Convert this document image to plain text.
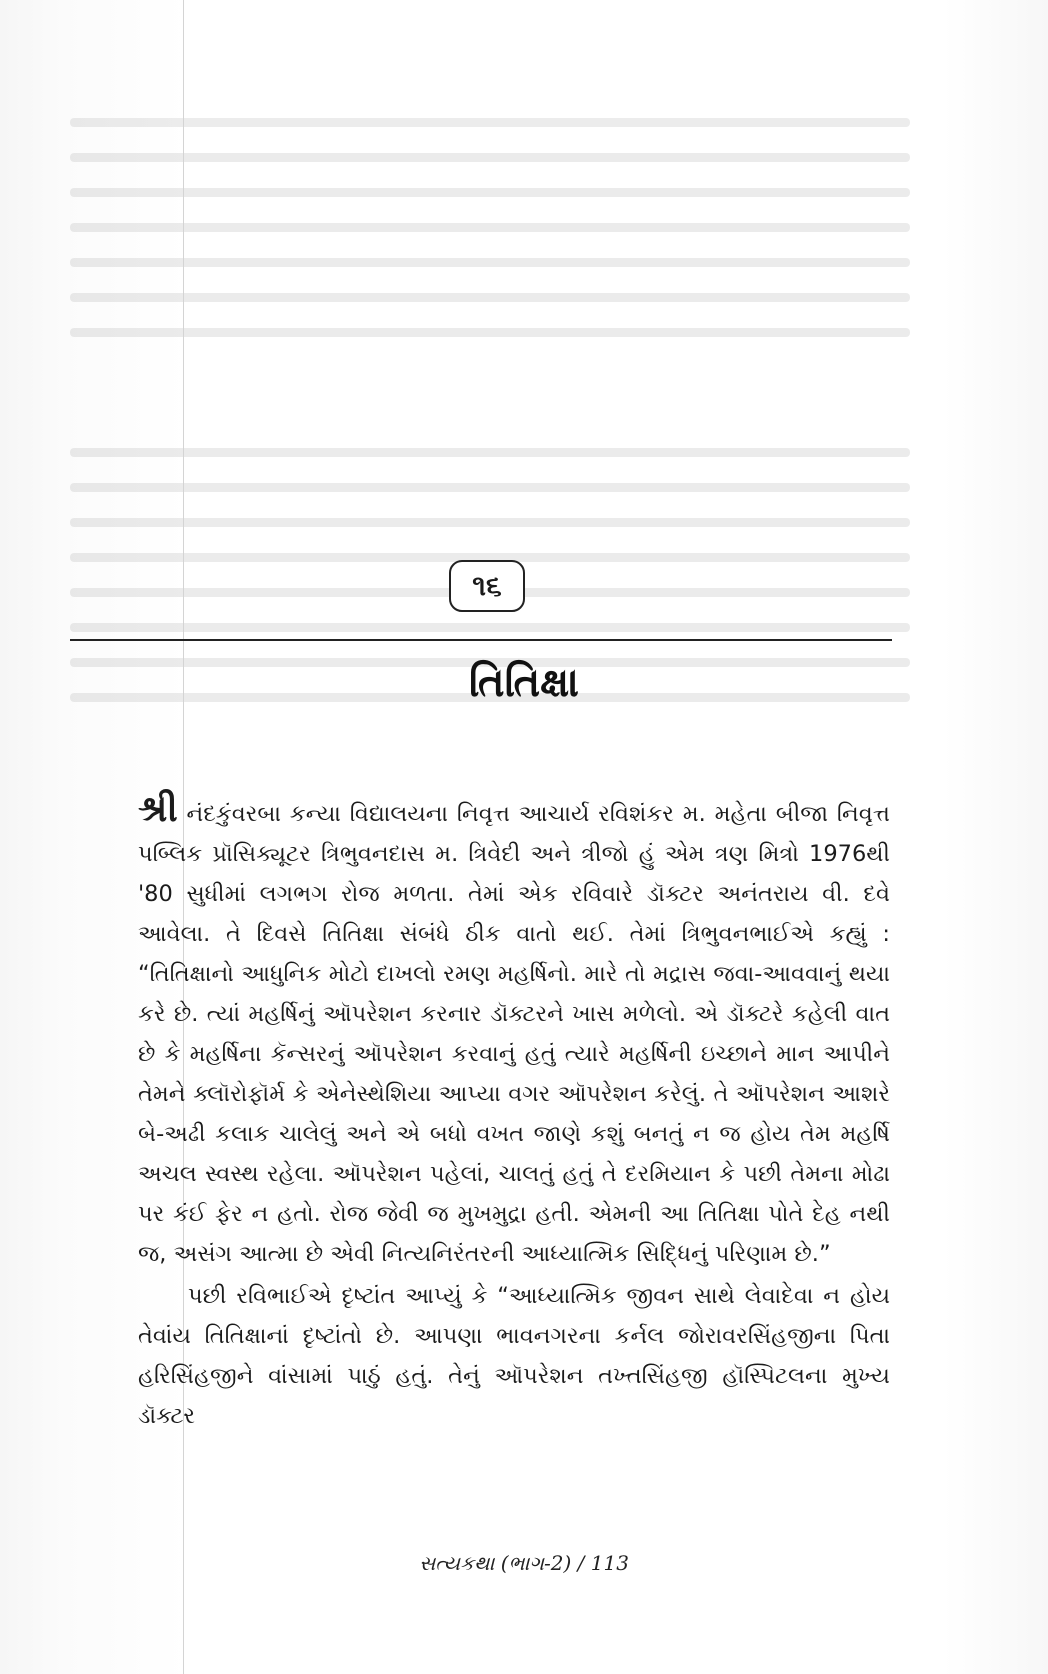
૧૬
તિતિક્ષા

શ્રી નંદકુંવરબા કન્યા વિદ્યાલયના નિવૃત્ત આચાર્ય રવિશંકર મ. મહેતા બીજા નિવૃત્ત પબ્લિક પ્રૉસિક્યૂટર ત્રિભુવનદાસ મ. ત્રિવેદી અને ત્રીજો હું એમ ત્રણ મિત્રો 1976થી '80 સુધીમાં લગભગ રોજ મળતા. તેમાં એક રવિવારે ડૉક્ટર અનંતરાય વી. દવે આવેલા. તે દિવસે તિતિક્ષા સંબંધે ઠીક વાતો થઈ. તેમાં ત્રિભુવનભાઈએ કહ્યું : “તિતિક્ષાનો આધુનિક મોટો દાખલો રમણ મહર્ષિનો. મારે તો મદ્રાસ જવા-આવવાનું થયા કરે છે. ત્યાં મહર્ષિનું ઑપરેશન કરનાર ડૉક્ટરને ખાસ મળેલો. એ ડૉક્ટરે કહેલી વાત છે કે મહર્ષિના કૅન્સરનું ઑપરેશન કરવાનું હતું ત્યારે મહર્ષિની ઇચ્છાને માન આપીને તેમને ક્લૉરોફૉર્મ કે એનેસ્થેશિયા આપ્યા વગર ઑપરેશન કરેલું. તે ઑપરેશન આશરે બે-અઢી કલાક ચાલેલું અને એ બધો વખત જાણે કશું બનતું ન જ હોય તેમ મહર્ષિ અચલ સ્વસ્થ રહેલા. ઑપરેશન પહેલાં, ચાલતું હતું તે દરમિયાન કે પછી તેમના મોઢા પર કંઈ ફેર ન હતો. રોજ જેવી જ મુખમુદ્રા હતી. એમની આ તિતિક્ષા પોતે દેહ નથી જ, અસંગ આત્મા છે એવી નિત્યનિરંતરની આધ્યાત્મિક સિદ્ધિનું પરિણામ છે.”

પછી રવિભાઈએ દૃષ્ટાંત આપ્યું કે “આધ્યાત્મિક જીવન સાથે લેવાદેવા ન હોય તેવાંય તિતિક્ષાનાં દૃષ્ટાંતો છે. આપણા ભાવનગરના કર્નલ જોરાવરસિંહજીના પિતા હરિસિંહજીને વાંસામાં પાઠું હતું. તેનું ઑપરેશન તખ્તસિંહજી હૉસ્પિટલના મુખ્ય ડૉક્ટર

સત્યકથા (ભાગ-2) / 113
